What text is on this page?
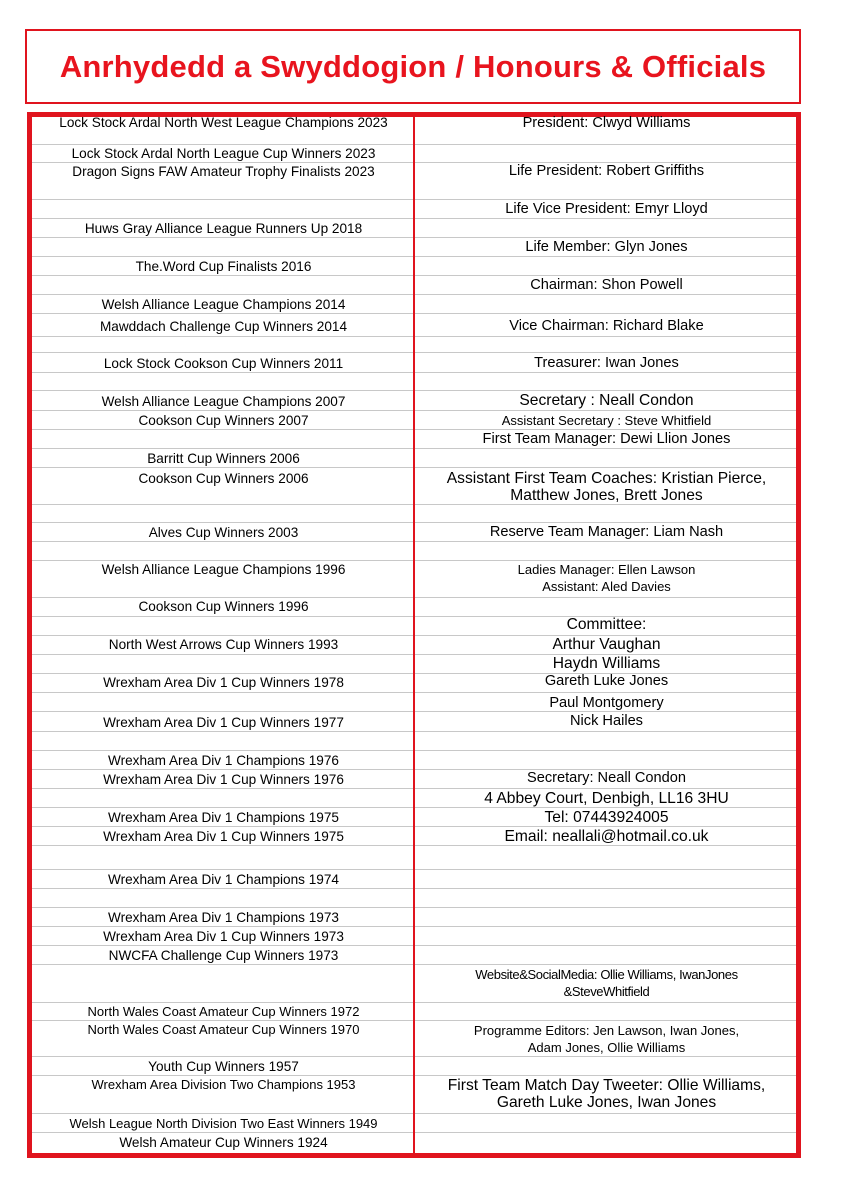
Anrhydedd a Swyddogion / Honours & Officials
Lock Stock Ardal North West League Champions 2023
Lock Stock Ardal North League Cup Winners 2023
Dragon Signs FAW Amateur Trophy Finalists 2023
Huws Gray Alliance League Runners Up 2018
The.Word Cup Finalists 2016
Welsh Alliance League Champions 2014
Mawddach Challenge Cup Winners 2014
Lock Stock Cookson Cup Winners 2011
Welsh Alliance League Champions 2007
Cookson Cup Winners 2007
Barritt Cup Winners 2006
Cookson Cup Winners 2006
Alves Cup Winners 2003
Welsh Alliance League Champions 1996
Cookson Cup Winners 1996
North West Arrows Cup Winners 1993
Wrexham Area Div 1 Cup Winners 1978
Wrexham Area Div 1 Cup Winners 1977
Wrexham Area Div 1 Champions 1976
Wrexham Area Div 1 Cup Winners 1976
Wrexham Area Div 1 Champions 1975
Wrexham Area Div 1 Cup Winners 1975
Wrexham Area Div 1 Champions 1974
Wrexham Area Div 1 Champions 1973
Wrexham Area Div 1 Cup Winners 1973
NWCFA Challenge Cup Winners 1973
North Wales Coast Amateur Cup Winners 1972
North Wales Coast Amateur Cup Winners 1970
Youth Cup Winners 1957
Wrexham Area Division Two Champions 1953
Welsh League North Division Two East Winners 1949
Welsh Amateur Cup Winners 1924
President: Clwyd Williams
Life President: Robert Griffiths
Life Vice President: Emyr Lloyd
Life Member: Glyn Jones
Chairman: Shon Powell
Vice Chairman: Richard Blake
Treasurer: Iwan Jones
Secretary : Neall Condon
Assistant Secretary : Steve Whitfield
First Team Manager: Dewi Llion Jones
Assistant First Team Coaches: Kristian Pierce,
Matthew Jones, Brett Jones
Reserve Team Manager: Liam Nash
Ladies Manager: Ellen Lawson
Assistant: Aled Davies
Committee:
Arthur Vaughan
Haydn Williams
Gareth Luke Jones
Paul Montgomery
Nick Hailes
Secretary: Neall Condon
4 Abbey Court, Denbigh, LL16 3HU
Tel: 07443924005
Email: neallali@hotmail.co.uk
Website&SocialMedia: Ollie Williams, IwanJones
&SteveWhitfield
Programme Editors: Jen Lawson, Iwan Jones,
Adam Jones, Ollie Williams
First Team Match Day Tweeter: Ollie Williams,
Gareth Luke Jones, Iwan Jones
